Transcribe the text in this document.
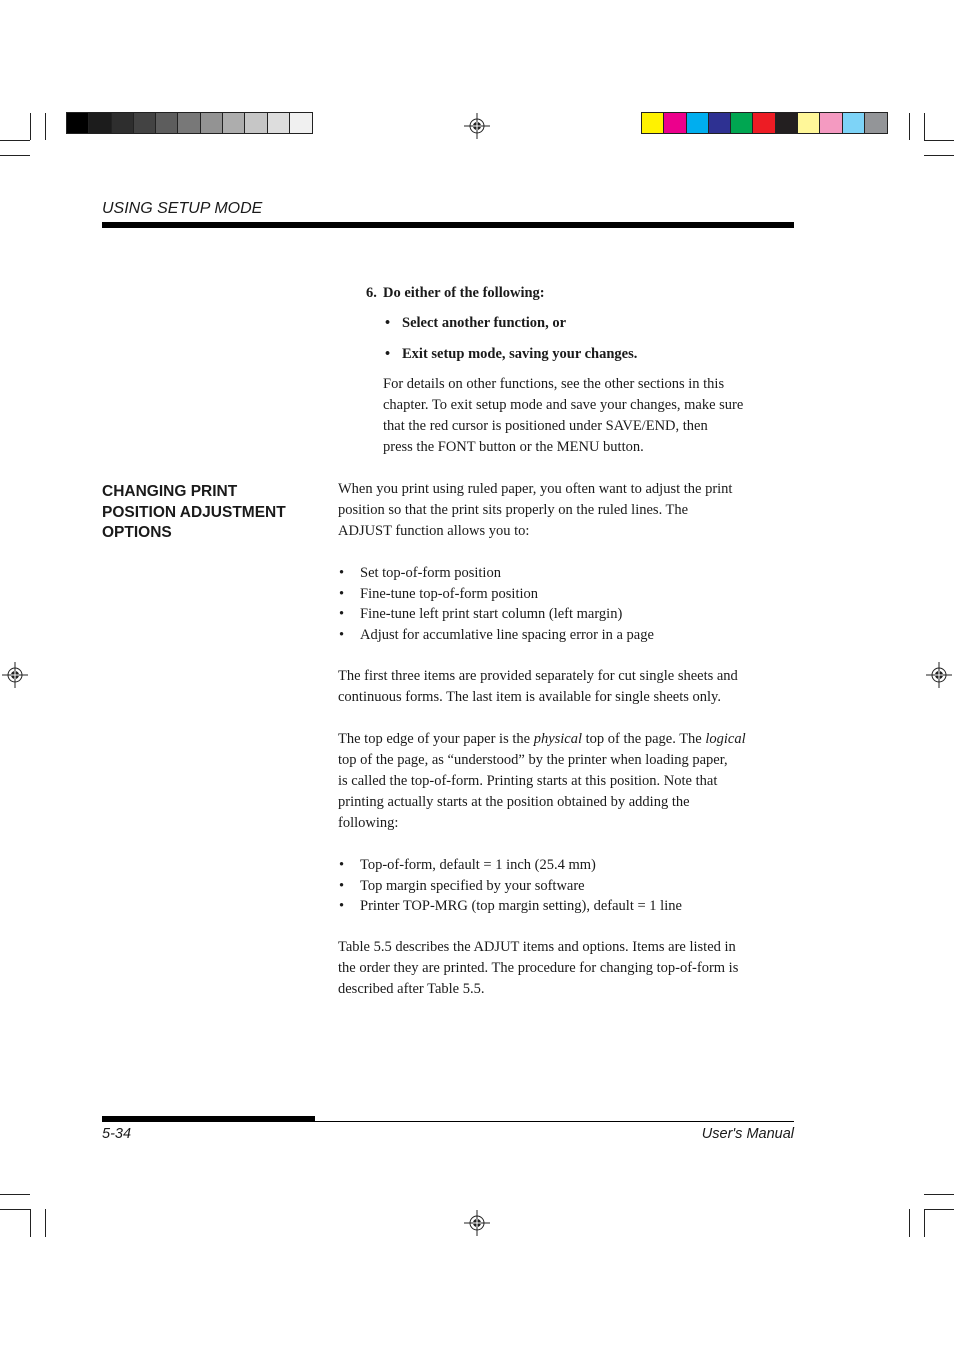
USING SETUP MODE
6. Do either of the following:
• Select another function, or
• Exit setup mode, saving your changes.
For details on other functions, see the other sections in this
chapter. To exit setup mode and save your changes, make sure
that the red cursor is positioned under SAVE/END, then
press the FONT button or the MENU button.
CHANGING PRINT
POSITION ADJUSTMENT
OPTIONS
When you print using ruled paper, you often want to adjust the print
position so that the print sits properly on the ruled lines. The
ADJUST function allows you to:
• Set top-of-form position
• Fine-tune top-of-form position
• Fine-tune left print start column (left margin)
• Adjust for accumlative line spacing error in a page
The first three items are provided separately for cut single sheets and
continuous forms. The last item is available for single sheets only.
The top edge of your paper is the physical top of the page. The logical
top of the page, as “understood” by the printer when loading paper,
is called the top-of-form. Printing starts at this position. Note that
printing actually starts at the position obtained by adding the
following:
• Top-of-form, default = 1 inch (25.4 mm)
• Top margin specified by your software
• Printer TOP-MRG (top margin setting), default = 1 line
Table 5.5 describes the ADJUT items and options. Items are listed in
the order they are printed. The procedure for changing top-of-form is
described after Table 5.5.
5-34	User's Manual
